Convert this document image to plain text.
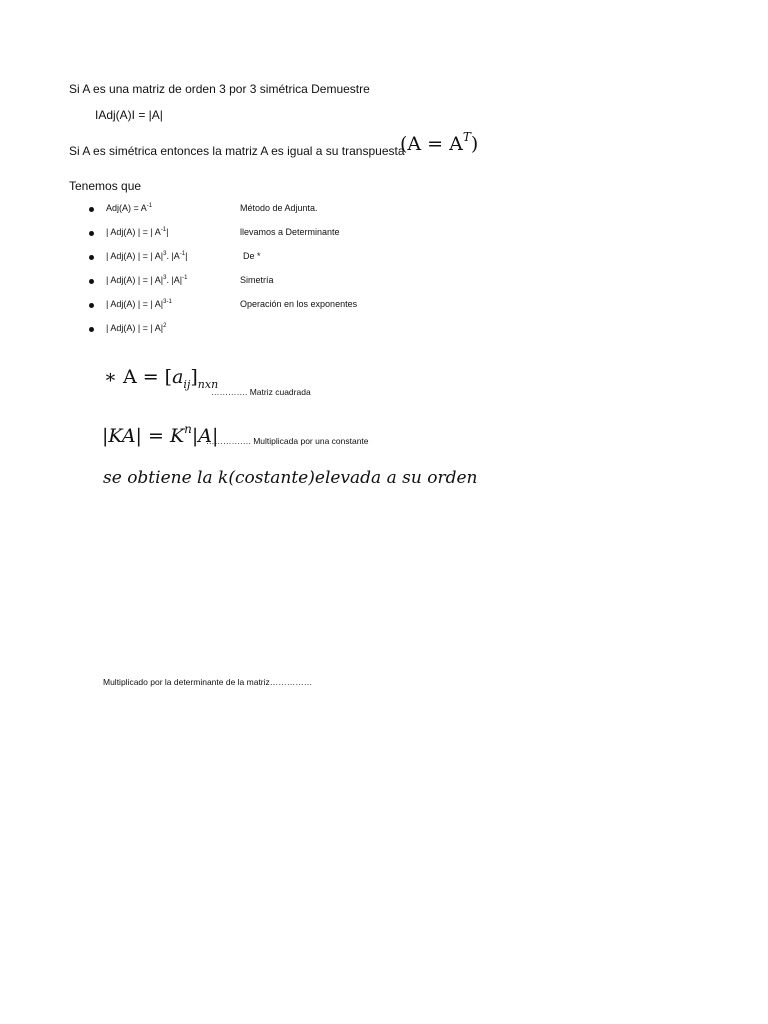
Si A es una matriz de orden 3 por 3 simétrica Demuestre
IAdj(A)I = |A|
Si A es simétrica entonces la matriz A es igual a su transpuesta
$(A = A^T)$
Tenemos que
$Adj(A) = A^{-1}$	Método de Adjunta.
| Adj(A) | = | $A^{-1}|$	llevamos a Determinante
| Adj(A) | = | $A|^3$. $|A^{-1}|$	De *
| Adj(A) | = | $A|^3$. $|A|^{-1}$	Simetría
| Adj(A) | = | $A|^{3-1}$	Operación en los exponentes
| Adj(A) | = | $A|^2$
∗ $A = [a_{ij}]_{nxn}$
…………. Matriz cuadrada
$|KA| = K^n|A|$
……………. Multiplicada por una constante
se obtiene la k(costante)elevada a su orden
Multiplicado por la determinante de la matriz……………
